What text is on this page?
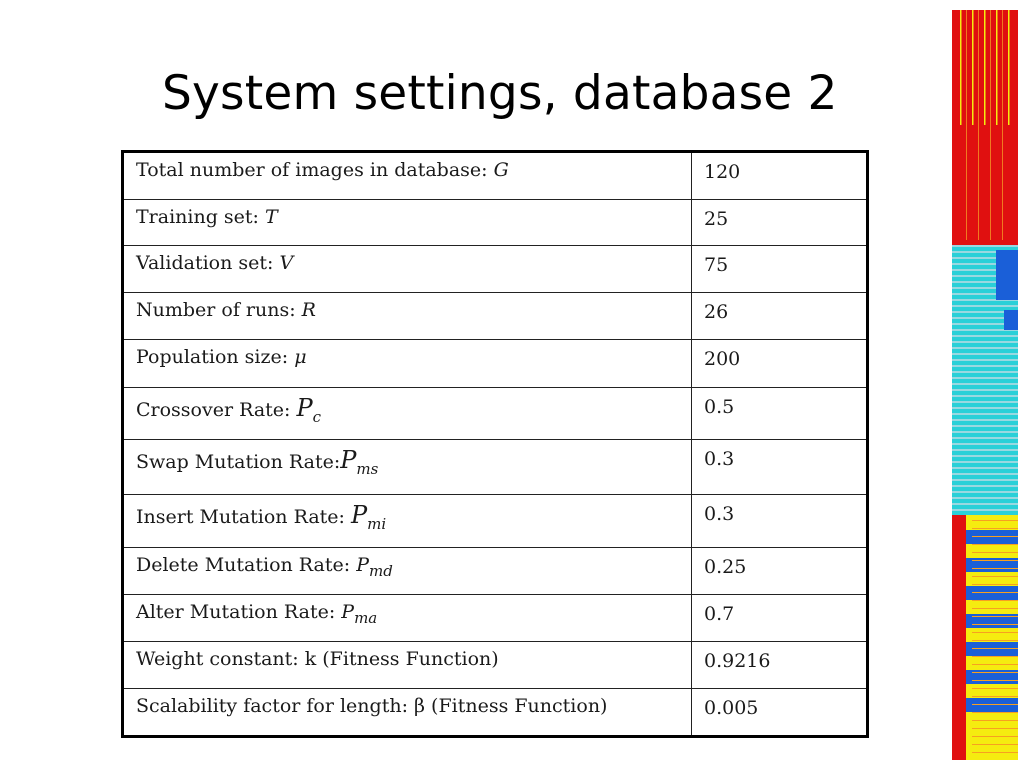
System settings, database 2
Total number of images in database: G	120
Training set: T	25
Validation set: V	75
Number of runs: R	26
Population size: μ	200
Crossover Rate: $P_c$	0.5
Swap Mutation $Rate:P_{ms}$	0.3
Insert Mutation Rate: $P_{mi}$	0.3
Delete Mutation Rate: $P_{md}$	0.25
Alter Mutation Rate: $P_{ma}$	0.7
Weight constant: k (Fitness Function)	0.9216
Scalability factor for length: β (Fitness Function)	0.005
